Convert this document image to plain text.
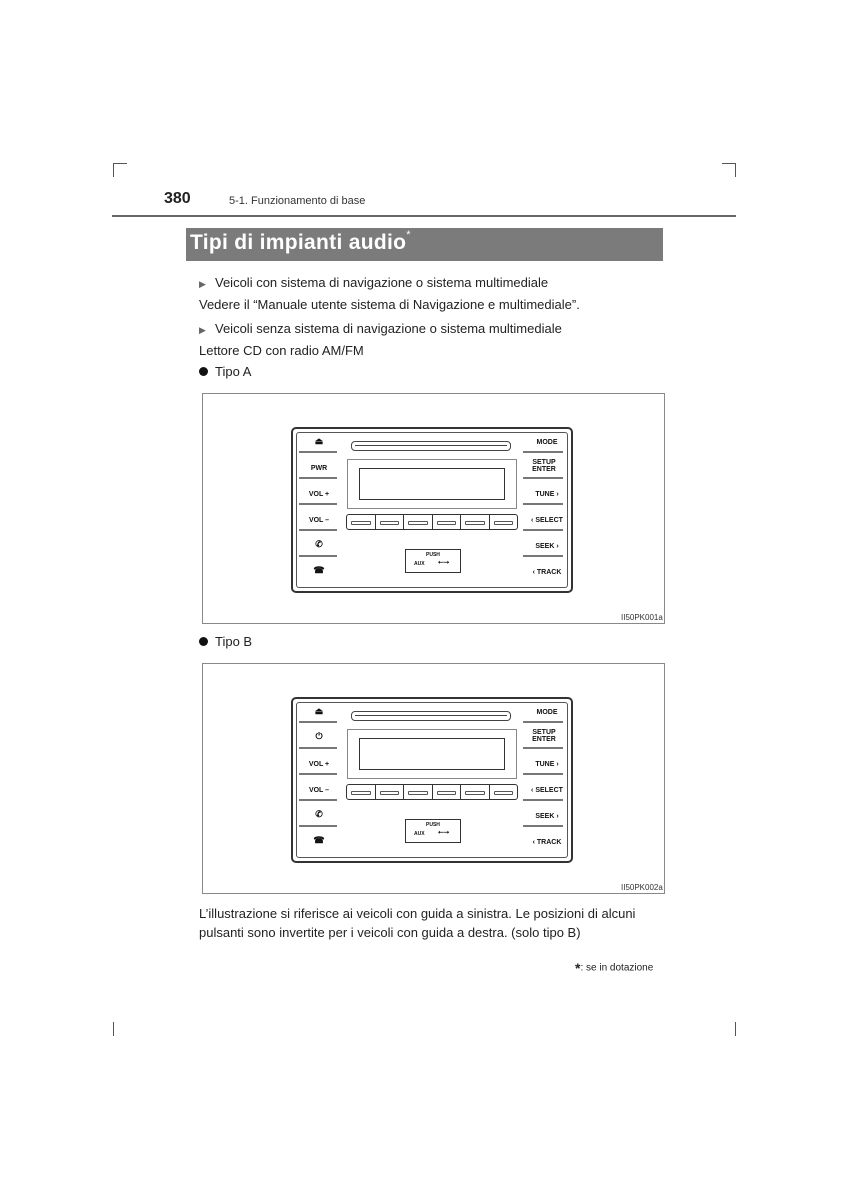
380	5-1. Funzionamento di base
Tipi di impianti audio*
▶ Veicoli con sistema di navigazione o sistema multimediale
Vedere il “Manuale utente sistema di Navigazione e multimediale”.
▶ Veicoli senza sistema di navigazione o sistema multimediale
Lettore CD con radio AM/FM
Tipo A
⏏
PWR
VOL +
VOL –
✆
☎
MODE
SETUP ENTER
TUNE ›
‹ SELECT
SEEK ›
‹ TRACK
PUSH
AUX ⭠⭢
II50PK001a
Tipo B
⏏
⏻
VOL +
VOL –
✆
☎
MODE
SETUP ENTER
TUNE ›
‹ SELECT
SEEK ›
‹ TRACK
PUSH
AUX ⭠⭢
II50PK002a
L’illustrazione si riferisce ai veicoli con guida a sinistra. Le posizioni di alcuni
pulsanti sono invertite per i veicoli con guida a destra. (solo tipo B)
*: se in dotazione
